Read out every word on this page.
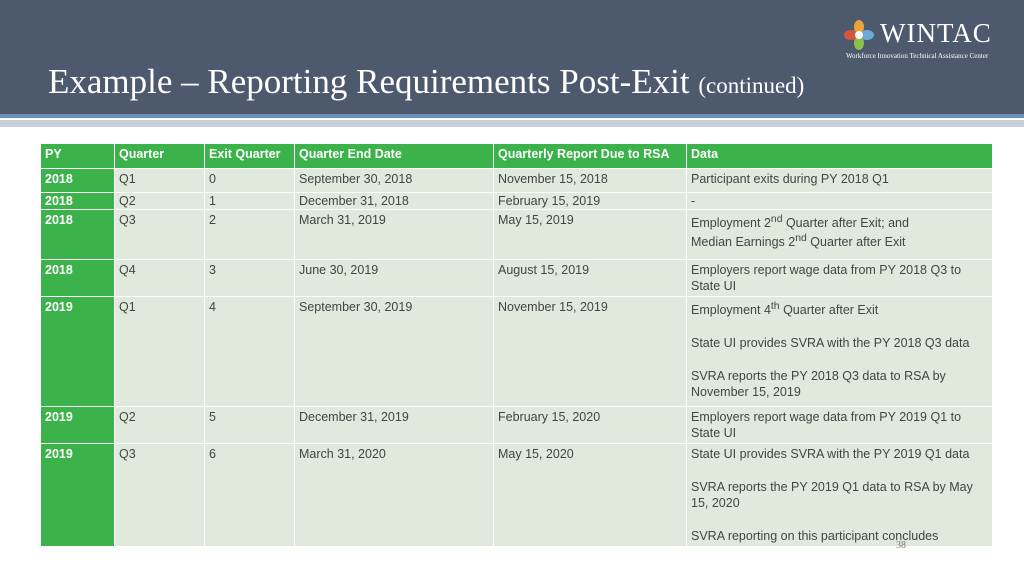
Example – Reporting Requirements Post-Exit (continued)
WINTAC
Workforce Innovation Technical Assistance Center
PY	Quarter	Exit Quarter	Quarter End Date	Quarterly Report Due to RSA	Data
2018	Q1	0	September 30, 2018	November 15, 2018	Participant exits during PY 2018 Q1
2018	Q2	1	December 31, 2018	February 15, 2019	-
2018	Q3	2	March 31, 2019	May 15, 2019	Employment 2nd Quarter after Exit; and
Median Earnings 2nd Quarter after Exit

2018	Q4	3	June 30, 2019	August 15, 2019	Employers report wage data from PY 2018 Q3 to State UI
2019	Q1	4	September 30, 2019	November 15, 2019	Employment 4th Quarter after Exit
State UI provides SVRA with the PY 2018 Q3 data
SVRA reports the PY 2018 Q3 data to RSA by November 15, 2019

2019	Q2	5	December 31, 2019	February 15, 2020	Employers report wage data from PY 2019 Q1 to State UI
2019	Q3	6	March 31, 2020	May 15, 2020	State UI provides SVRA with the PY 2019 Q1 data
SVRA reports the PY 2019 Q1 data to RSA by May 15, 2020
SVRA reporting on this participant concludes
38
